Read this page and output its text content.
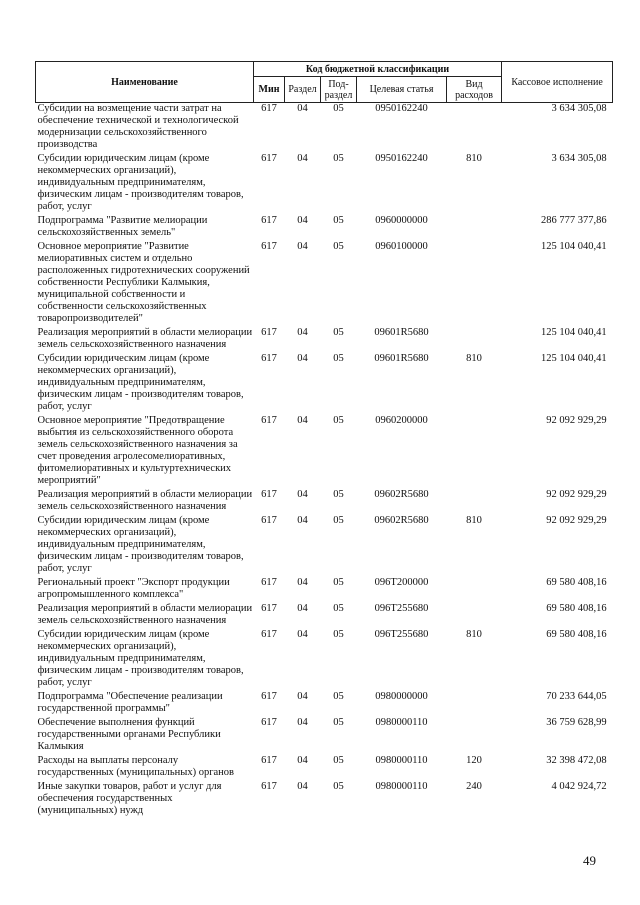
Наименование	Код бюджетной классификации					Кассовое исполнение
	Мин	Раздел	Под-раздел	Целевая статья	Вид расходов	
Субсидии на возмещение части затрат на обеспечение технической и технологической модернизации сельскохозяйственного производства	617	04	05	0950162240		3 634 305,08
Субсидии юридическим лицам (кроме некоммерческих организаций), индивидуальным предпринимателям, физическим лицам - производителям товаров, работ, услуг	617	04	05	0950162240	810	3 634 305,08
Подпрограмма "Развитие мелиорации сельскохозяйственных земель"	617	04	05	0960000000		286 777 377,86
Основное мероприятие "Развитие мелиоративных систем и отдельно расположенных гидротехнических сооружений собственности Республики Калмыкия, муниципальной собственности и собственности сельскохозяйственных товаропроизводителей"	617	04	05	0960100000		125 104 040,41
Реализация мероприятий в области мелиорации земель сельскохозяйственного назначения	617	04	05	09601R5680		125 104 040,41
Субсидии юридическим лицам (кроме некоммерческих организаций), индивидуальным предпринимателям, физическим лицам - производителям товаров, работ, услуг	617	04	05	09601R5680	810	125 104 040,41
Основное мероприятие "Предотвращение выбытия из сельскохозяйственного оборота земель сельскохозяйственного назначения за счет проведения агролесомелиоративных, фитомелиоративных и культуртехнических мероприятий"	617	04	05	0960200000		92 092 929,29
Реализация мероприятий в области мелиорации земель сельскохозяйственного назначения	617	04	05	09602R5680		92 092 929,29
Субсидии юридическим лицам (кроме некоммерческих организаций), индивидуальным предпринимателям, физическим лицам - производителям товаров, работ, услуг	617	04	05	09602R5680	810	92 092 929,29
Региональный проект "Экспорт продукции агропромышленного комплекса"	617	04	05	096T200000		69 580 408,16
Реализация мероприятий в области мелиорации земель сельскохозяйственного назначения	617	04	05	096T255680		69 580 408,16
Субсидии юридическим лицам (кроме некоммерческих организаций), индивидуальным предпринимателям, физическим лицам - производителям товаров, работ, услуг	617	04	05	096T255680	810	69 580 408,16
Подпрограмма "Обеспечение реализации государственной программы"	617	04	05	0980000000		70 233 644,05
Обеспечение выполнения функций государственными органами Республики Калмыкия	617	04	05	0980000110		36 759 628,99
Расходы на выплаты персоналу государственных (муниципальных) органов	617	04	05	0980000110	120	32 398 472,08
Иные закупки товаров, работ и услуг для обеспечения государственных (муниципальных) нужд	617	04	05	0980000110	240	4 042 924,72
49
